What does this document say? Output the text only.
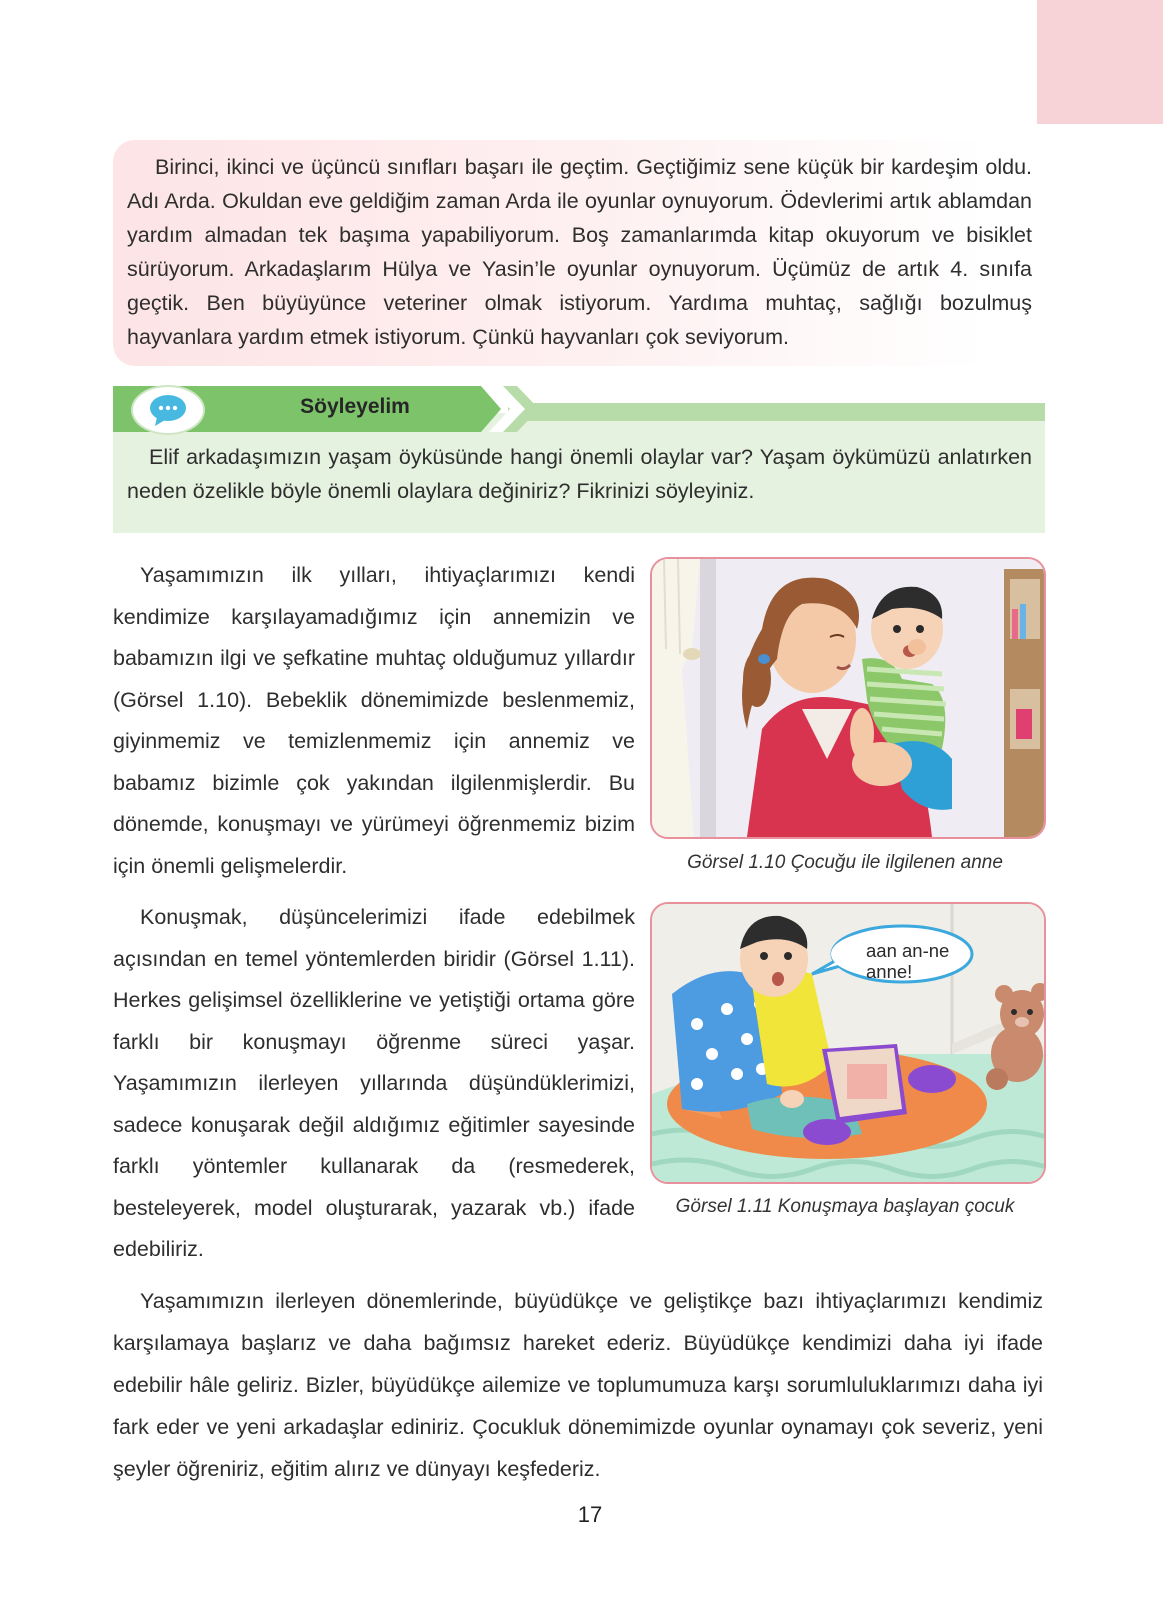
Birinci, ikinci ve üçüncü sınıfları başarı ile geçtim. Geçtiğimiz sene küçük bir kardeşim oldu. Adı Arda. Okuldan eve geldiğim zaman Arda ile oyunlar oynuyorum. Ödevlerimi artık ablamdan yardım almadan tek başıma yapabiliyorum. Boş zamanlarımda kitap okuyorum ve bisiklet sürüyorum. Arkadaşlarım Hülya ve Yasin’le oyunlar oynuyorum. Üçümüz de artık 4. sınıfa geçtik. Ben büyüyünce veteriner olmak istiyorum. Yardıma muhtaç, sağlığı bozulmuş hayvanlara yardım etmek istiyorum. Çünkü hayvanları çok seviyorum.

Söyleyelim

Elif arkadaşımızın yaşam öyküsünde hangi önemli olaylar var? Yaşam öykümüzü anlatırken neden özelikle böyle önemli olaylara değiniriz? Fikrinizi söyleyiniz.

Yaşamımızın ilk yılları, ihtiyaçlarımızı kendi kendimize karşılayamadığımız için annemizin ve babamızın ilgi ve şefkatine muhtaç olduğumuz yıllardır (Görsel 1.10). Bebeklik dönemimizde beslenmemiz, giyinmemiz ve temizlenmemiz için annemiz ve babamız bizimle çok yakından ilgilenmişlerdir. Bu dönemde, konuşmayı ve yürümeyi öğrenmemiz bizim için önemli gelişmelerdir.

Konuşmak, düşüncelerimizi ifade edebilmek açısından en temel yöntemlerden biridir (Görsel 1.11). Herkes gelişimsel özelliklerine ve yetiştiği ortama göre farklı bir konuşmayı öğrenme süreci yaşar. Yaşamımızın ilerleyen yıllarında düşündüklerimizi, sadece konuşarak değil aldığımız eğitimler sayesinde farklı yöntemler kullanarak da (resmederek, besteleyerek, model oluşturarak, yazarak vb.) ifade edebiliriz.

Görsel 1.10 Çocuğu ile ilgilenen anne
aan an-ne
anne!
Görsel 1.11 Konuşmaya başlayan çocuk

Yaşamımızın ilerleyen dönemlerinde, büyüdükçe ve geliştikçe bazı ihtiyaçlarımızı kendimiz karşılamaya başlarız ve daha bağımsız hareket ederiz. Büyüdükçe kendimizi daha iyi ifade edebilir hâle geliriz. Bizler, büyüdükçe ailemize ve toplumumuza karşı sorumluluklarımızı daha iyi fark eder ve yeni arkadaşlar ediniriz. Çocukluk dönemimizde oyunlar oynamayı çok severiz, yeni şeyler öğreniriz, eğitim alırız ve dünyayı keşfederiz.

17
